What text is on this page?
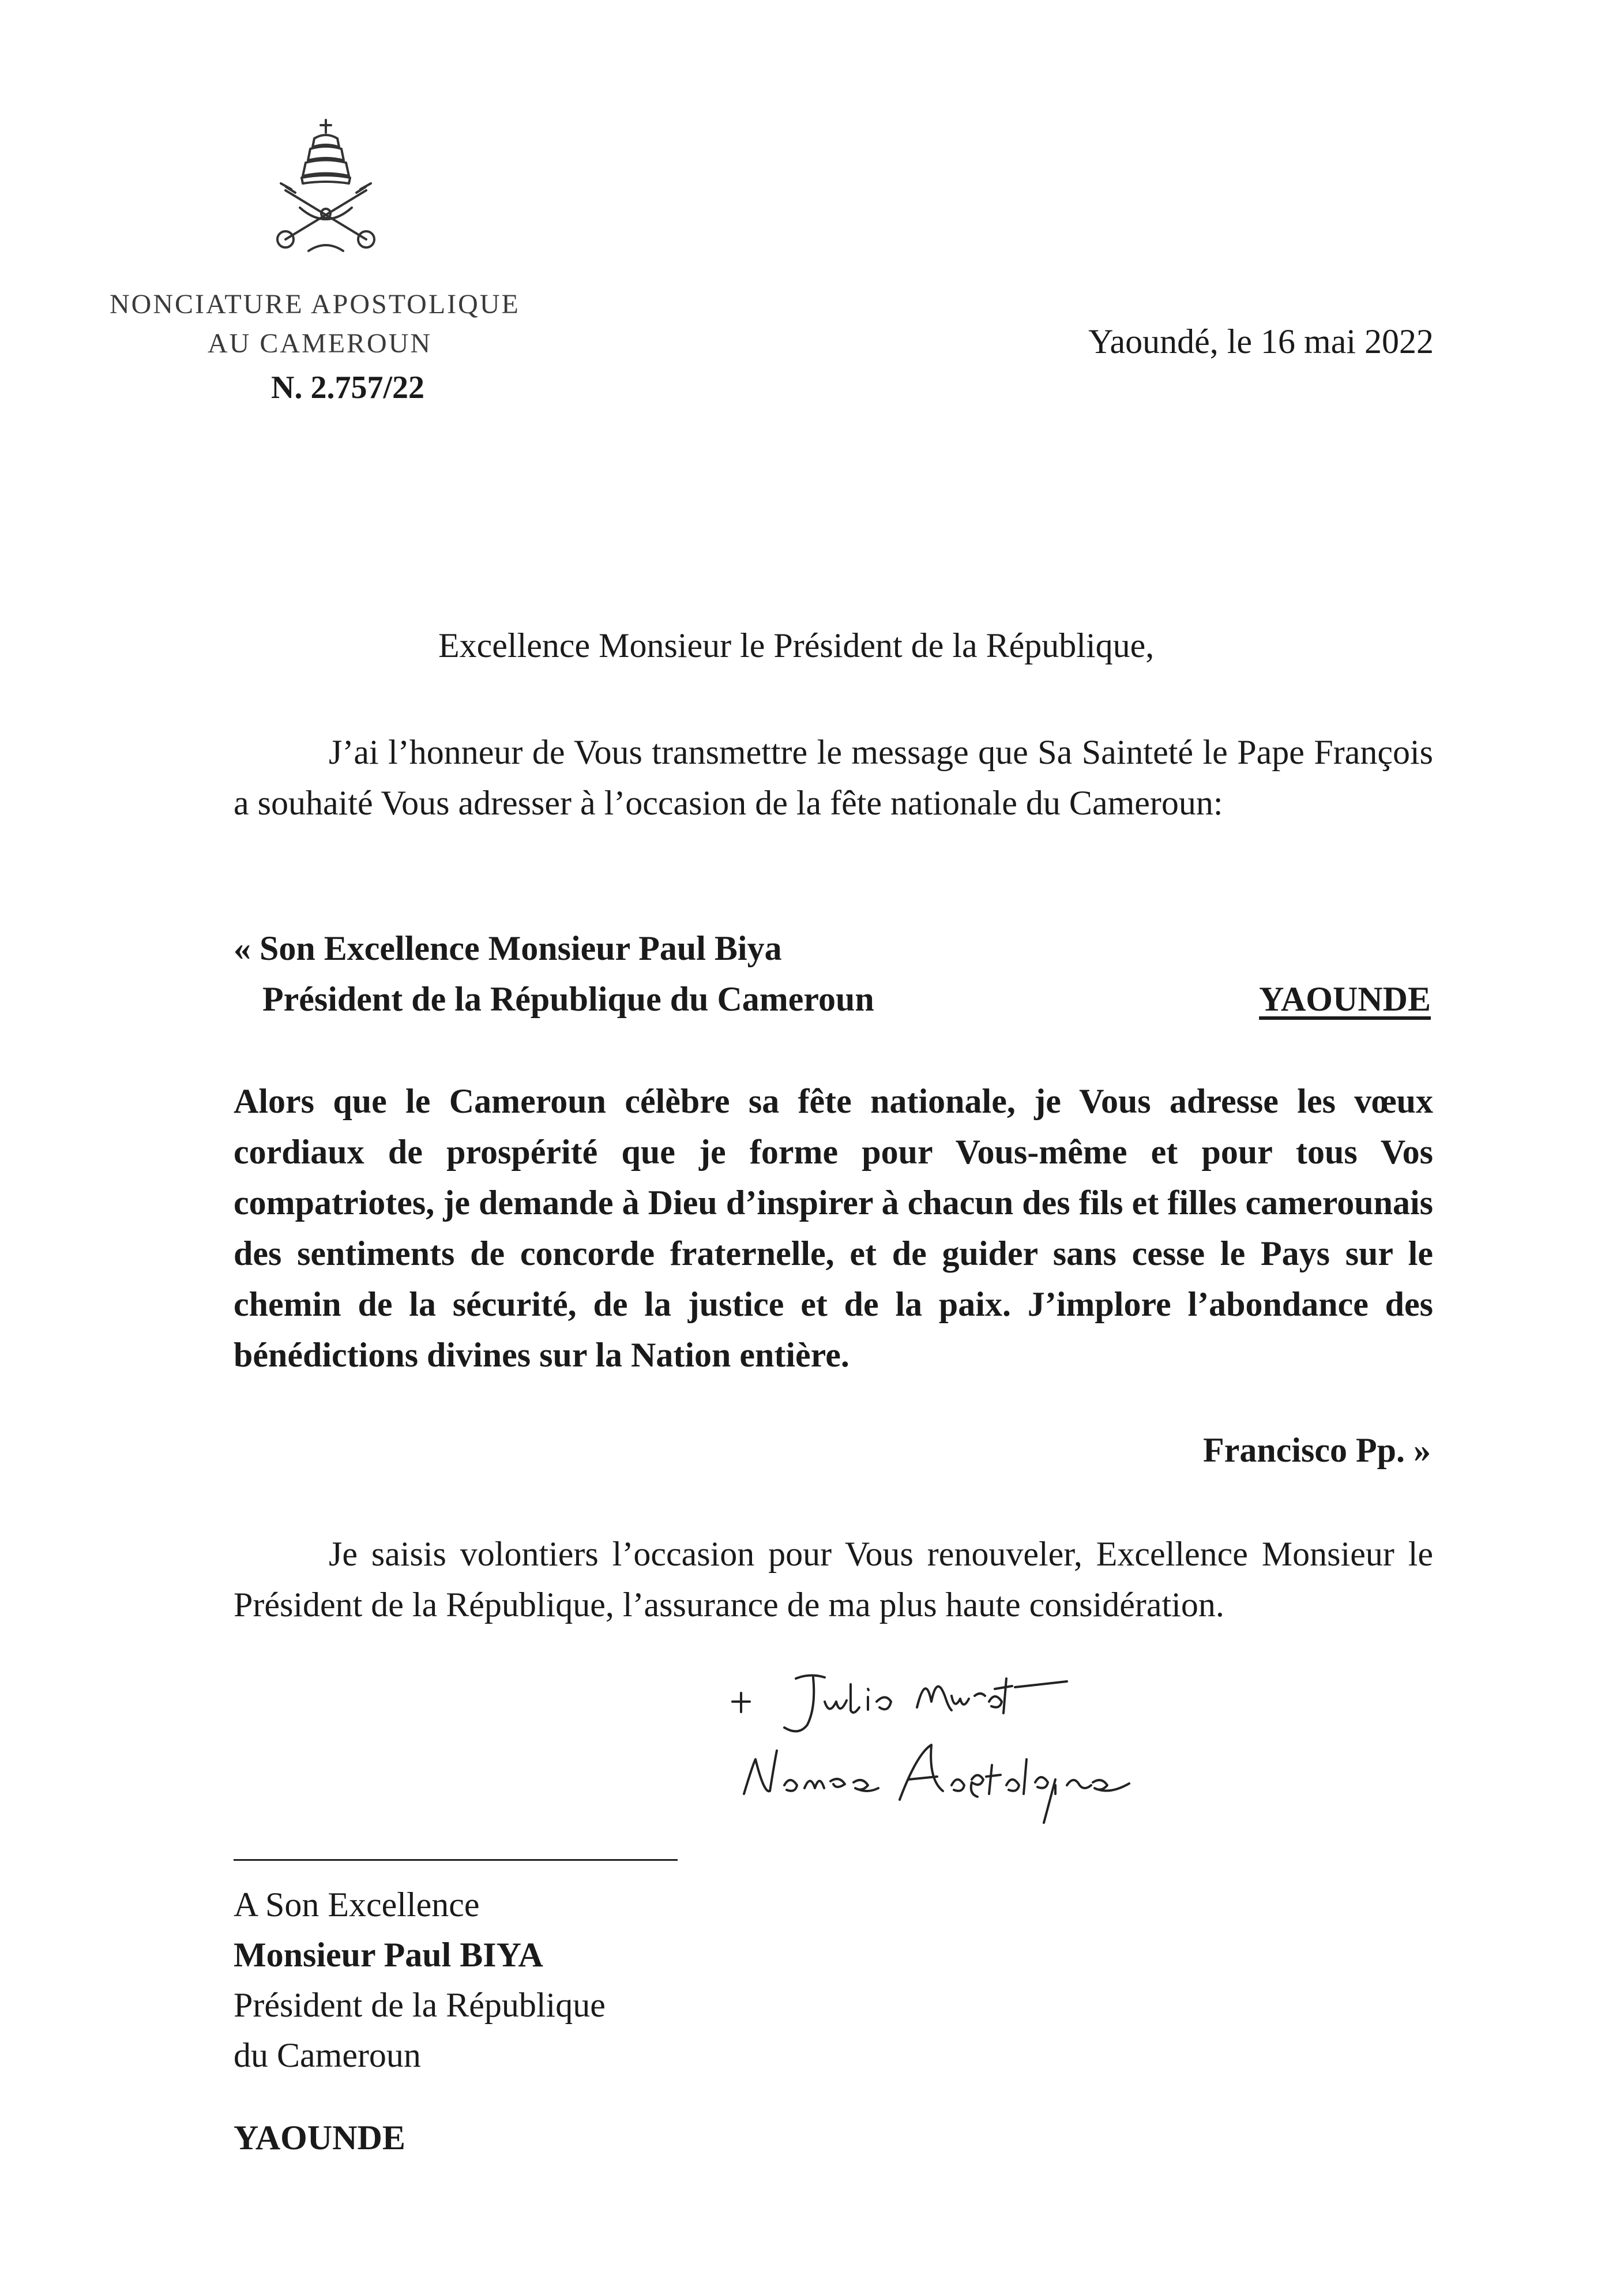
NONCIATURE APOSTOLIQUE
AU CAMEROUN
N. 2.757/22
Yaoundé, le 16 mai 2022
Excellence Monsieur le Président de la République,

J’ai l’honneur de Vous transmettre le message que Sa Sainteté le Pape François a souhaité Vous adresser à l’occasion de la fête nationale du Cameroun:

« Son Excellence Monsieur Paul Biya
Président de la République du Cameroun	YAOUNDE

Alors que le Cameroun célèbre sa fête nationale, je Vous adresse les vœux cordiaux de prospérité que je forme pour Vous-même et pour tous Vos compatriotes, je demande à Dieu d’inspirer à chacun des fils et filles camerounais des sentiments de concorde fraternelle, et de guider sans cesse le Pays sur le chemin de la sécurité, de la justice et de la paix. J’implore l’abondance des bénédictions divines sur la Nation entière.

Francisco Pp. »

Je saisis volontiers l’occasion pour Vous renouveler, Excellence Monsieur le Président de la République, l’assurance de ma plus haute considération.

A Son Excellence
Monsieur Paul BIYA
Président de la République
du Cameroun
YAOUNDE
